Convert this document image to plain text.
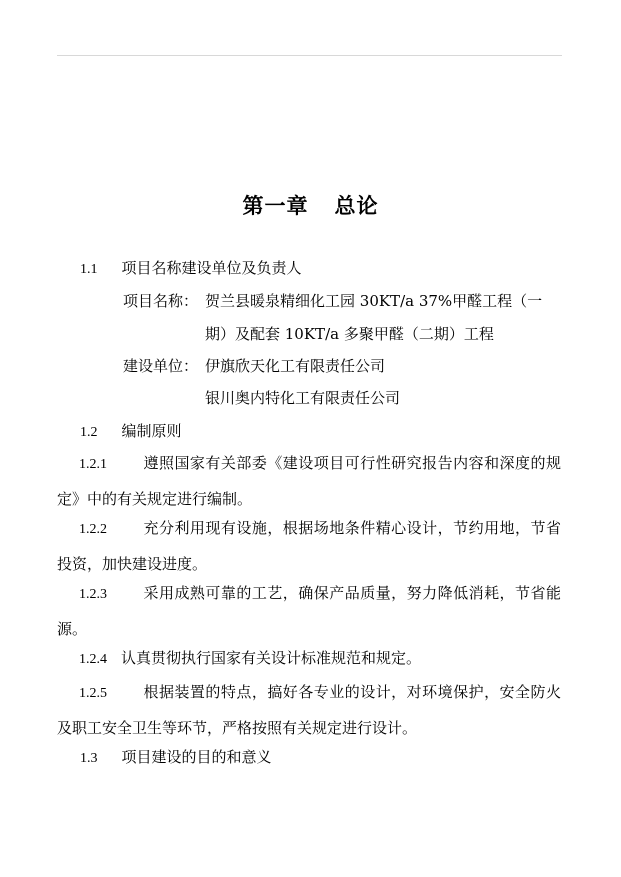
第一章 总论
1.1 项目名称建设单位及负责人
项目名称： 贺兰县暖泉精细化工园 30KT/a 37%甲醛工程（一
期）及配套 10KT/a 多聚甲醛（二期）工程
建设单位： 伊旗欣天化工有限责任公司
银川奥内特化工有限责任公司
1.2 编制原则
1.2.1 遵照国家有关部委《建设项目可行性研究报告内容和深度的规定》中的有关规定进行编制。
1.2.2 充分利用现有设施，根据场地条件精心设计，节约用地，节省投资，加快建设进度。
1.2.3 采用成熟可靠的工艺，确保产品质量，努力降低消耗，节省能源。
1.2.4 认真贯彻执行国家有关设计标准规范和规定。
1.2.5 根据装置的特点，搞好各专业的设计，对环境保护，安全防火及职工安全卫生等环节，严格按照有关规定进行设计。
1.3 项目建设的目的和意义
